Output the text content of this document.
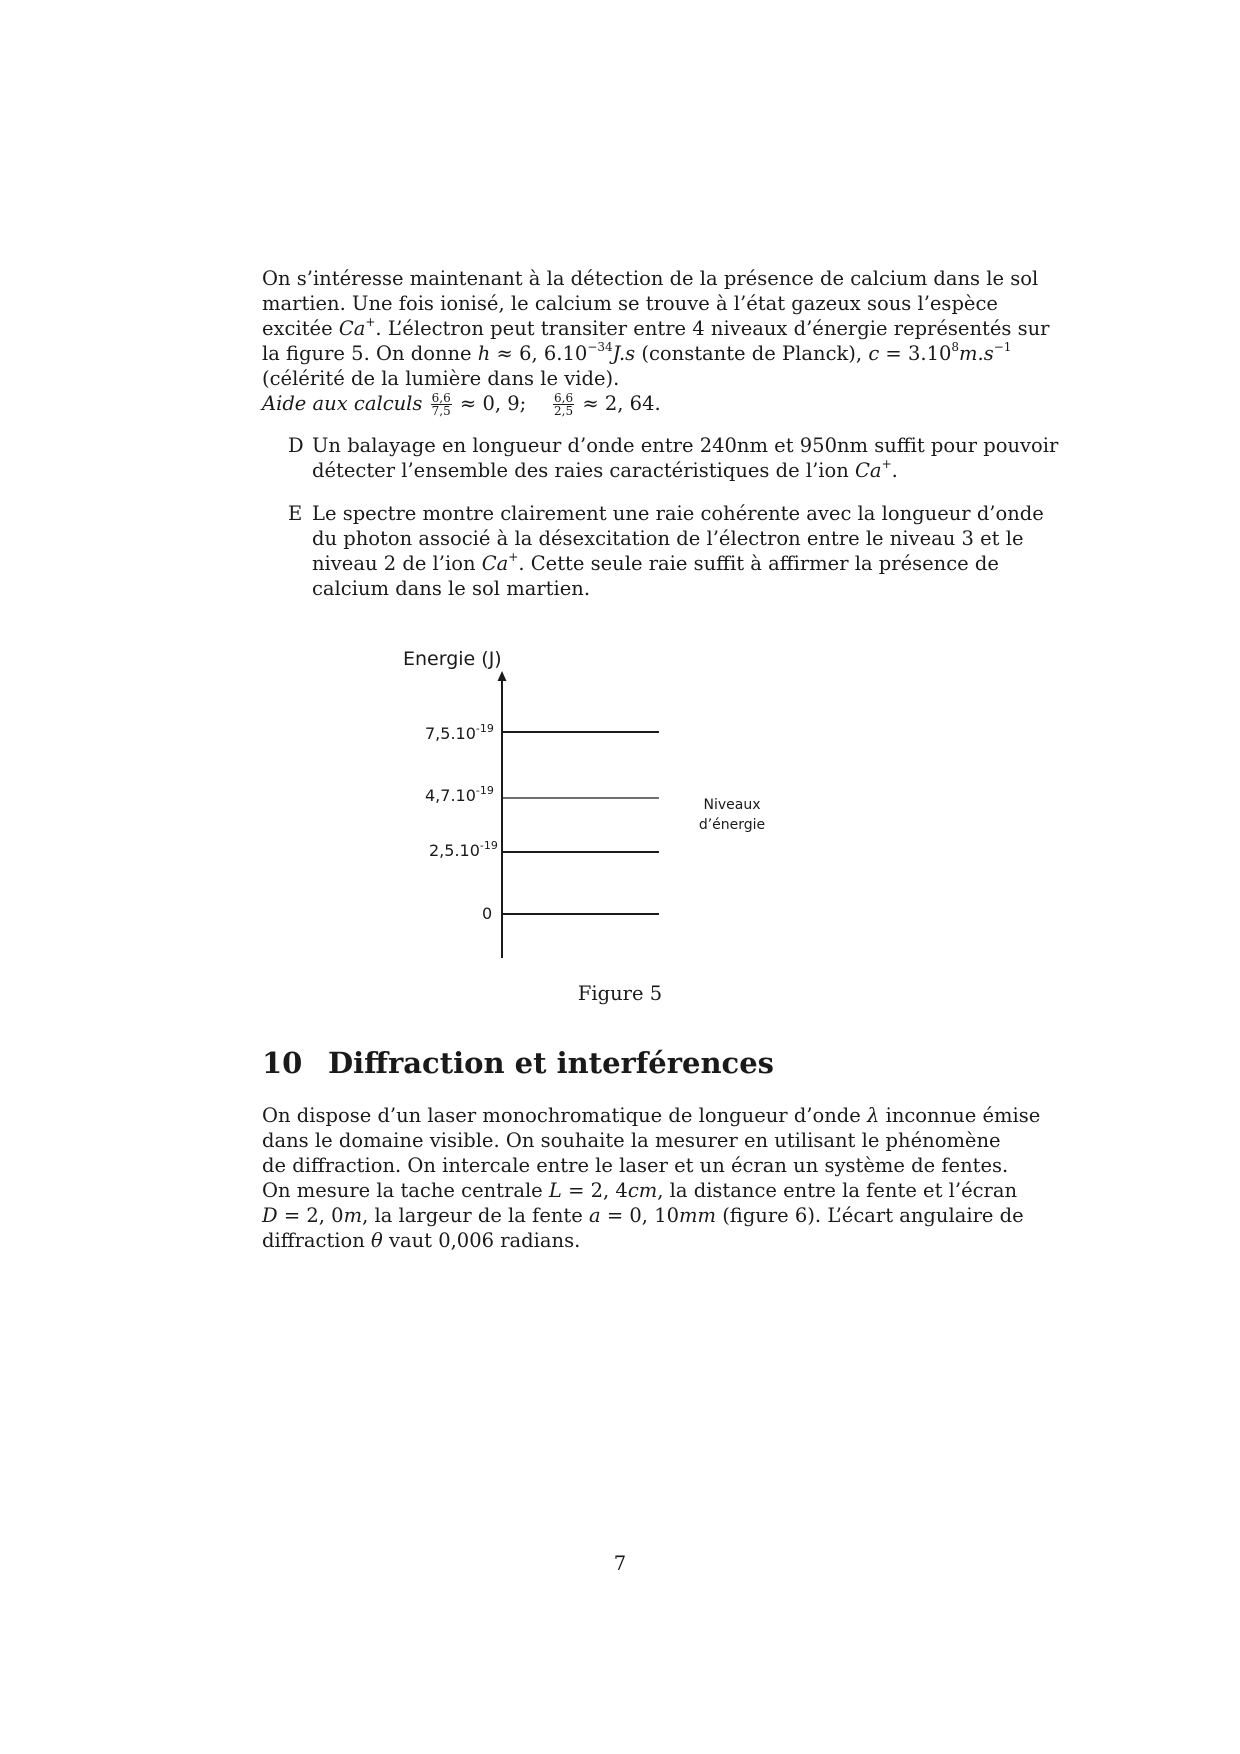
On s’intéresse maintenant à la détection de la présence de calcium dans le sol
martien. Une fois ionisé, le calcium se trouve à l’état gazeux sous l’espèce
excitée Ca+. L’électron peut transiter entre 4 niveaux d’énergie représentés sur
la figure 5. On donne h ≈ 6, $6.10^{-34}J.s$ (constante de Planck), $c = 3.10^8m.s^{-1}$
(célérité de la lumière dans le vide).
Aide aux calculs $\frac{6,6}{7,5} \approx 0$, 9; $\frac{6,6}{2,5} \approx 2$, 64.
D Un balayage en longueur d’onde entre 240nm et 950nm suffit pour pouvoir
détecter l’ensemble des raies caractéristiques de l’ion Ca+.
E Le spectre montre clairement une raie cohérente avec la longueur d’onde
du photon associé à la désexcitation de l’électron entre le niveau 3 et le
niveau 2 de l’ion Ca+. Cette seule raie suffit à affirmer la présence de
calcium dans le sol martien.
Energie (J)
$7,5.10^{-19}$
$4,7.10^{-19}$
$2,5.10^{-19}$
0
Niveaux
d’énergie
Figure 5
10 Diffraction et interférences
On dispose d’un laser monochromatique de longueur d’onde λ inconnue émise
dans le domaine visible. On souhaite la mesurer en utilisant le phénomène
de diffraction. On intercale entre le laser et un écran un système de fentes.
On mesure la tache centrale L = 2, 4cm, la distance entre la fente et l’écran
D = 2, 0m, la largeur de la fente a = 0, 10mm (figure 6). L’écart angulaire de
diffraction θ vaut 0,006 radians.
7
